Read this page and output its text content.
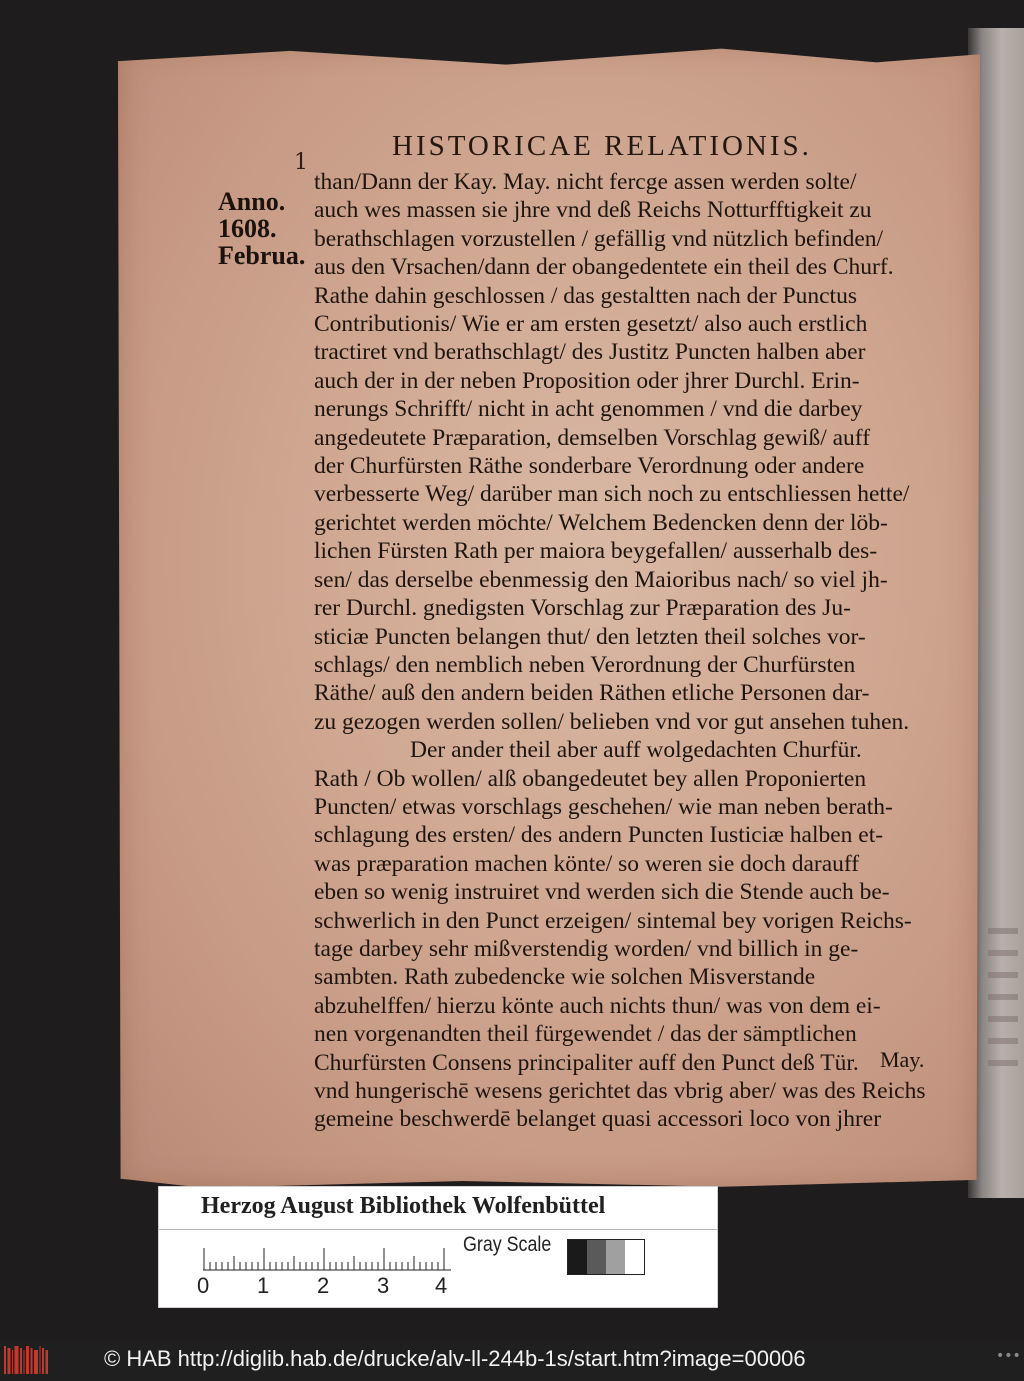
1
HISTORICAE RELATIONIS.
Anno.
1608.
Februa.
than/Dann der Kay. May. nicht fercge assen werden solte/
auch wes massen sie jhre vnd deß Reichs Notturfftigkeit zu
berathschlagen vorzustellen / gefällig vnd nützlich befinden/
aus den Vrsachen/dann der obangedentete ein theil des Churf.
Rathe dahin geschlossen / das gestaltten nach der Punctus
Contributionis/ Wie er am ersten gesetzt/ also auch erstlich
tractiret vnd berathschlagt/ des Justitz Puncten halben aber
auch der in der neben Proposition oder jhrer Durchl. Erin-
nerungs Schrifft/ nicht in acht genommen / vnd die darbey
angedeutete Præparation, demselben Vorschlag gewiß/ auff
der Churfürsten Räthe sonderbare Verordnung oder andere
verbesserte Weg/ darüber man sich noch zu entschliessen hette/
gerichtet werden möchte/ Welchem Bedencken denn der löb-
lichen Fürsten Rath per maiora beygefallen/ ausserhalb des-
sen/ das derselbe ebenmessig den Maioribus nach/ so viel jh-
rer Durchl. gnedigsten Vorschlag zur Præparation des Ju-
sticiæ Puncten belangen thut/ den letzten theil solches vor-
schlags/ den nemblich neben Verordnung der Churfürsten
Räthe/ auß den andern beiden Räthen etliche Personen dar-
zu gezogen werden sollen/ belieben vnd vor gut ansehen tuhen.
Der ander theil aber auff wolgedachten Churfür.
Rath / Ob wollen/ alß obangedeutet bey allen Proponierten
Puncten/ etwas vorschlags geschehen/ wie man neben berath-
schlagung des ersten/ des andern Puncten Iusticiæ halben et-
was præparation machen könte/ so weren sie doch darauff
eben so wenig instruiret vnd werden sich die Stende auch be-
schwerlich in den Punct erzeigen/ sintemal bey vorigen Reichs-
tage darbey sehr mißverstendig worden/ vnd billich in ge-
sambten. Rath zubedencke wie solchen Misverstande
abzuhelffen/ hierzu könte auch nichts thun/ was von dem ei-
nen vorgenandten theil fürgewendet / das der sämptlichen
Churfürsten Consens principaliter auff den Punct deß Tür.
vnd hungerischē wesens gerichtet das vbrig aber/ was des Reichs
gemeine beschwerdē belanget quasi accessori loco von jhrer
May.
Herzog August Bibliothek Wolfenbüttel
0 1 2 3 4
Gray Scale
© HAB http://diglib.hab.de/drucke/alv-ll-244b-1s/start.htm?image=00006	•••
